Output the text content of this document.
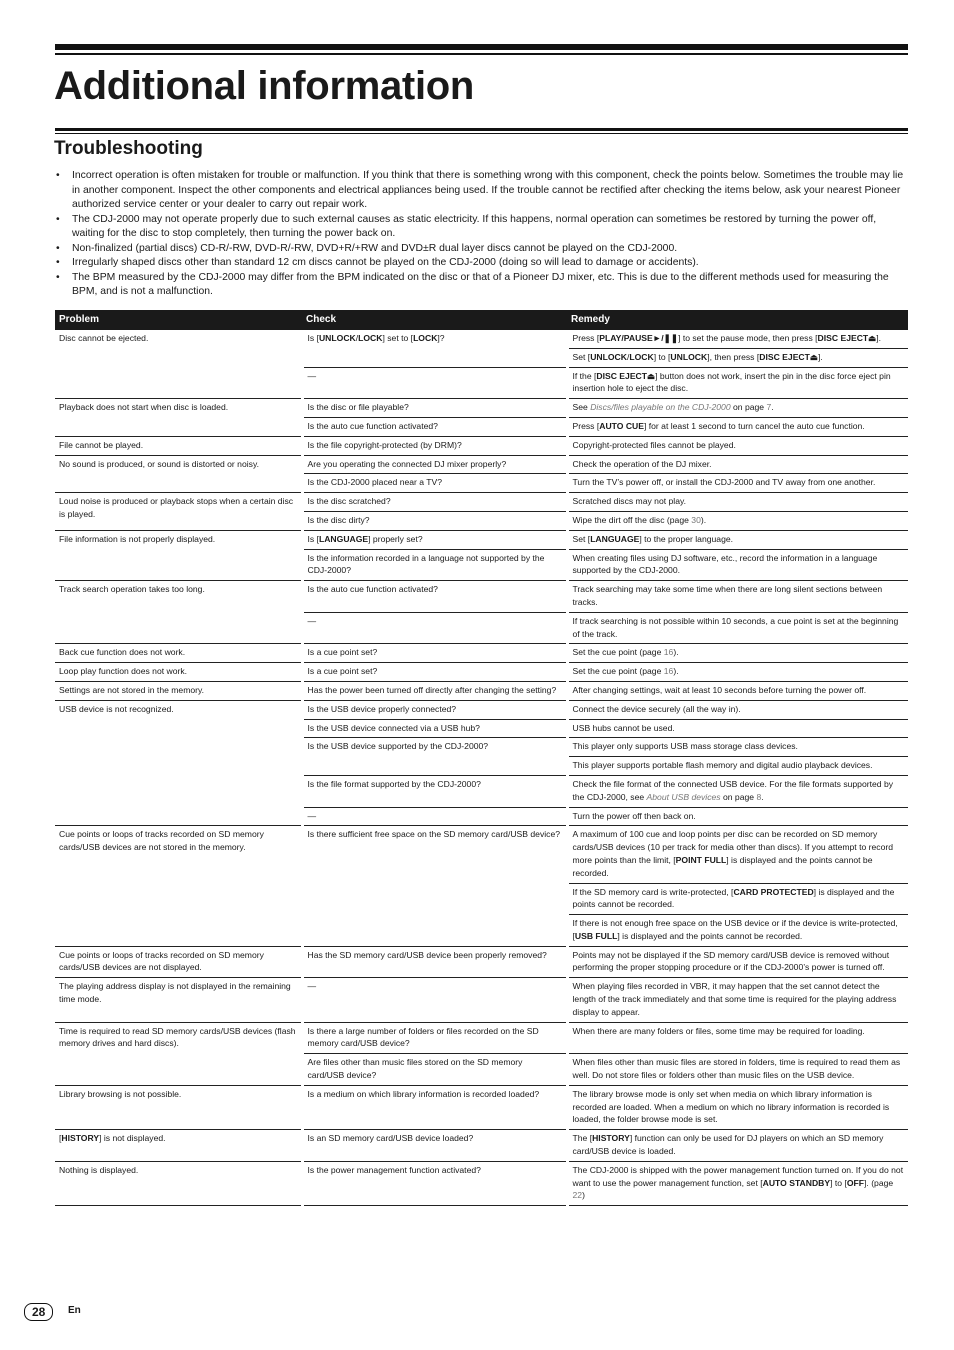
Additional information
Troubleshooting
• Incorrect operation is often mistaken for trouble or malfunction. If you think that there is something wrong with this component, check the points below. Sometimes the trouble may lie in another component. Inspect the other components and electrical appliances being used. If the trouble cannot be rectified after checking the items below, ask your nearest Pioneer authorized service center or your dealer to carry out repair work.
• The CDJ-2000 may not operate properly due to such external causes as static electricity. If this happens, normal operation can sometimes be restored by turning the power off, waiting for the disc to stop completely, then turning the power back on.
• Non-finalized (partial discs) CD-R/-RW, DVD-R/-RW, DVD+R/+RW and DVD±R dual layer discs cannot be played on the CDJ-2000.
• Irregularly shaped discs other than standard 12 cm discs cannot be played on the CDJ-2000 (doing so will lead to damage or accidents).
• The BPM measured by the CDJ-2000 may differ from the BPM indicated on the disc or that of a Pioneer DJ mixer, etc. This is due to the different methods used for measuring the BPM, and is not a malfunction.
Problem	Check	Remedy
Disc cannot be ejected.	Is [UNLOCK/LOCK] set to [LOCK]?	Press [PLAY/PAUSE►/❚❚] to set the pause mode, then press [DISC EJECT⏏].
		Set [UNLOCK/LOCK] to [UNLOCK], then press [DISC EJECT⏏].
	—	If the [DISC EJECT⏏] button does not work, insert the pin in the disc force eject pin insertion hole to eject the disc.
Playback does not start when disc is loaded.	Is the disc or file playable?	See Discs/files playable on the CDJ-2000 on page 7.
	Is the auto cue function activated?	Press [AUTO CUE] for at least 1 second to turn cancel the auto cue function.
File cannot be played.	Is the file copyright-protected (by DRM)?	Copyright-protected files cannot be played.
No sound is produced, or sound is distorted or noisy.	Are you operating the connected DJ mixer properly?	Check the operation of the DJ mixer.
	Is the CDJ-2000 placed near a TV?	Turn the TV’s power off, or install the CDJ-2000 and TV away from one another.
Loud noise is produced or playback stops when a certain disc is played.	Is the disc scratched?	Scratched discs may not play.
	Is the disc dirty?	Wipe the dirt off the disc (page 30).
File information is not properly displayed.	Is [LANGUAGE] properly set?	Set [LANGUAGE] to the proper language.
	Is the information recorded in a language not supported by the CDJ-2000?	When creating files using DJ software, etc., record the information in a language supported by the CDJ-2000.
Track search operation takes too long.	Is the auto cue function activated?	Track searching may take some time when there are long silent sections between tracks.
	—	If track searching is not possible within 10 seconds, a cue point is set at the beginning of the track.
Back cue function does not work.	Is a cue point set?	Set the cue point (page 16).
Loop play function does not work.	Is a cue point set?	Set the cue point (page 16).
Settings are not stored in the memory.	Has the power been turned off directly after changing the setting?	After changing settings, wait at least 10 seconds before turning the power off.
USB device is not recognized.	Is the USB device properly connected?	Connect the device securely (all the way in).
	Is the USB device connected via a USB hub?	USB hubs cannot be used.
	Is the USB device supported by the CDJ-2000?	This player only supports USB mass storage class devices.
		This player supports portable flash memory and digital audio playback devices.
	Is the file format supported by the CDJ-2000?	Check the file format of the connected USB device. For the file formats supported by the CDJ-2000, see About USB devices on page 8.
	—	Turn the power off then back on.
Cue points or loops of tracks recorded on SD memory cards/USB devices are not stored in the memory.	Is there sufficient free space on the SD memory card/USB device?	A maximum of 100 cue and loop points per disc can be recorded on SD memory cards/USB devices (10 per track for media other than discs). If you attempt to record more points than the limit, [POINT FULL] is displayed and the points cannot be recorded.
		If the SD memory card is write-protected, [CARD PROTECTED] is displayed and the points cannot be recorded.
		If there is not enough free space on the USB device or if the device is write-protected, [USB FULL] is displayed and the points cannot be recorded.
Cue points or loops of tracks recorded on SD memory cards/USB devices are not displayed.	Has the SD memory card/USB device been properly removed?	Points may not be displayed if the SD memory card/USB device is removed without performing the proper stopping procedure or if the CDJ-2000’s power is turned off.
The playing address display is not displayed in the remaining time mode.	—	When playing files recorded in VBR, it may happen that the set cannot detect the length of the track immediately and that some time is required for the playing address display to appear.
Time is required to read SD memory cards/USB devices (flash memory drives and hard discs).	Is there a large number of folders or files recorded on the SD memory card/USB device?	When there are many folders or files, some time may be required for loading.
	Are files other than music files stored on the SD memory card/USB device?	When files other than music files are stored in folders, time is required to read them as well. Do not store files or folders other than music files on the USB device.
Library browsing is not possible.	Is a medium on which library information is recorded loaded?	The library browse mode is only set when media on which library information is recorded are loaded. When a medium on which no library information is recorded is loaded, the folder browse mode is set.
[HISTORY] is not displayed.	Is an SD memory card/USB device loaded?	The [HISTORY] function can only be used for DJ players on which an SD memory card/USB device is loaded.
Nothing is displayed.	Is the power management function activated?	The CDJ-2000 is shipped with the power management function turned on. If you do not want to use the power management function, set [AUTO STANDBY] to [OFF]. (page 22)
28 En
